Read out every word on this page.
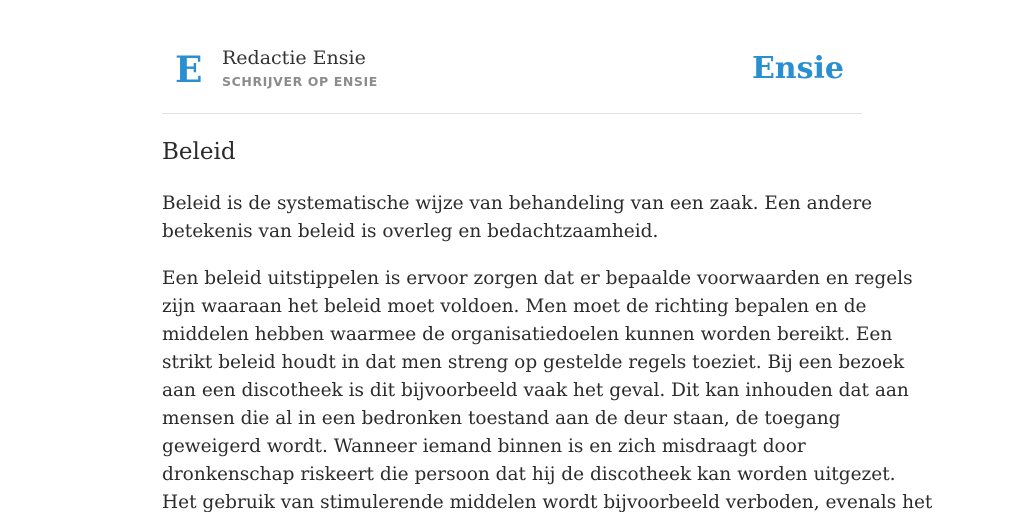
E Redactie Ensie
SCHRIJVER OP ENSIE	Ensie
Beleid

Beleid is de systematische wijze van behandeling van een zaak. Een andere
betekenis van beleid is overleg en bedachtzaamheid.

Een beleid uitstippelen is ervoor zorgen dat er bepaalde voorwaarden en regels
zijn waaraan het beleid moet voldoen. Men moet de richting bepalen en de
middelen hebben waarmee de organisatiedoelen kunnen worden bereikt. Een
strikt beleid houdt in dat men streng op gestelde regels toeziet. Bij een bezoek
aan een discotheek is dit bijvoorbeeld vaak het geval. Dit kan inhouden dat aan
mensen die al in een bedronken toestand aan de deur staan, de toegang
geweigerd wordt. Wanneer iemand binnen is en zich misdraagt door
dronkenschap riskeert die persoon dat hij de discotheek kan worden uitgezet.
Het gebruik van stimulerende middelen wordt bijvoorbeeld verboden, evenals het
